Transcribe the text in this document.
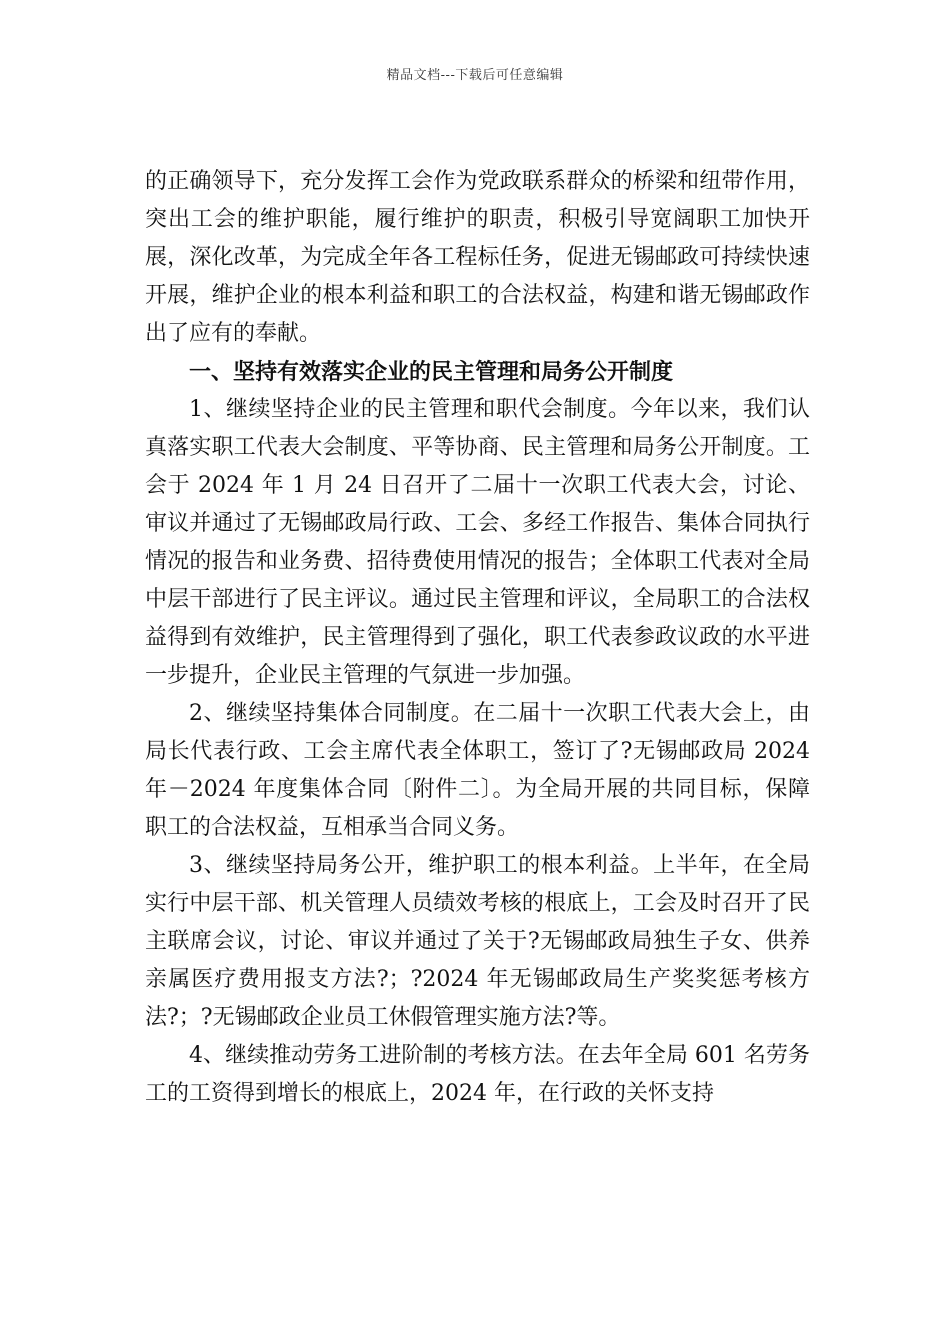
精品文档---下载后可任意编辑

的正确领导下，充分发挥工会作为党政联系群众的桥梁和纽带作用，突出工会的维护职能，履行维护的职责，积极引导宽阔职工加快开展，深化改革，为完成全年各工程标任务，促进无锡邮政可持续快速开展，维护企业的根本利益和职工的合法权益，构建和谐无锡邮政作出了应有的奉献。

一、坚持有效落实企业的民主管理和局务公开制度

1、继续坚持企业的民主管理和职代会制度。今年以来，我们认真落实职工代表大会制度、平等协商、民主管理和局务公开制度。工会于 2024 年 1 月 24 日召开了二届十一次职工代表大会，讨论、审议并通过了无锡邮政局行政、工会、多经工作报告、集体合同执行情况的报告和业务费、招待费使用情况的报告；全体职工代表对全局中层干部进行了民主评议。通过民主管理和评议，全局职工的合法权益得到有效维护，民主管理得到了强化，职工代表参政议政的水平进一步提升，企业民主管理的气氛进一步加强。

2、继续坚持集体合同制度。在二届十一次职工代表大会上，由局长代表行政、工会主席代表全体职工，签订了?无锡邮政局 2024 年－2024 年度集体合同〔附件二〕。为全局开展的共同目标，保障职工的合法权益，互相承当合同义务。

3、继续坚持局务公开，维护职工的根本利益。上半年，在全局实行中层干部、机关管理人员绩效考核的根底上，工会及时召开了民主联席会议，讨论、审议并通过了关于?无锡邮政局独生子女、供养亲属医疗费用报支方法?；?2024 年无锡邮政局生产奖奖惩考核方法?；?无锡邮政企业员工休假管理实施方法?等。

4、继续推动劳务工进阶制的考核方法。在去年全局 601 名劳务工的工资得到增长的根底上，2024 年，在行政的关怀支持
